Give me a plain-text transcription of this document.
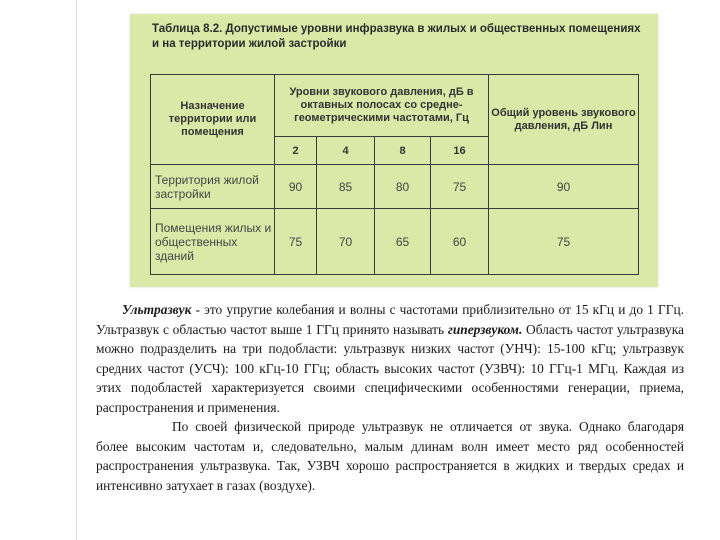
Таблица 8.2. Допустимые уровни инфразвука в жилых и общественных помещениях и на территории жилой застройки
Назначение территории или помещения	Уровни звукового давления, дБ в октавных полосах со средне-геометрическими частотами, Гц				Общий уровень звукового давления, дБ Лин
	2	4	8	16	
Территория жилой застройки	90	85	80	75	90
Помещения жилых и общественных зданий	75	70	65	60	75

Ультразвук - это упругие колебания и волны с частотами приблизительно от 15 кГц и до 1 ГГц. Ультразвук с областью частот выше 1 ГГц принято называть гиперзвуком. Область частот ультразвука можно подразделить на три подобласти: ультразвук низких частот (УНЧ): 15-100 кГц; ультразвук средних частот (УСЧ): 100 кГц-10 ГГц; область высоких частот (УЗВЧ): 10 ГГц-1 МГц. Каждая из этих подобластей характеризуется своими специфическими особенностями генерации, приема, распространения и применения.

По своей физической природе ультразвук не отличается от звука. Однако благодаря более высоким частотам и, следовательно, малым длинам волн имеет место ряд особенностей распространения ультразвука. Так, УЗВЧ хорошо распространяется в жидких и твердых средах и интенсивно затухает в газах (воздухе).
